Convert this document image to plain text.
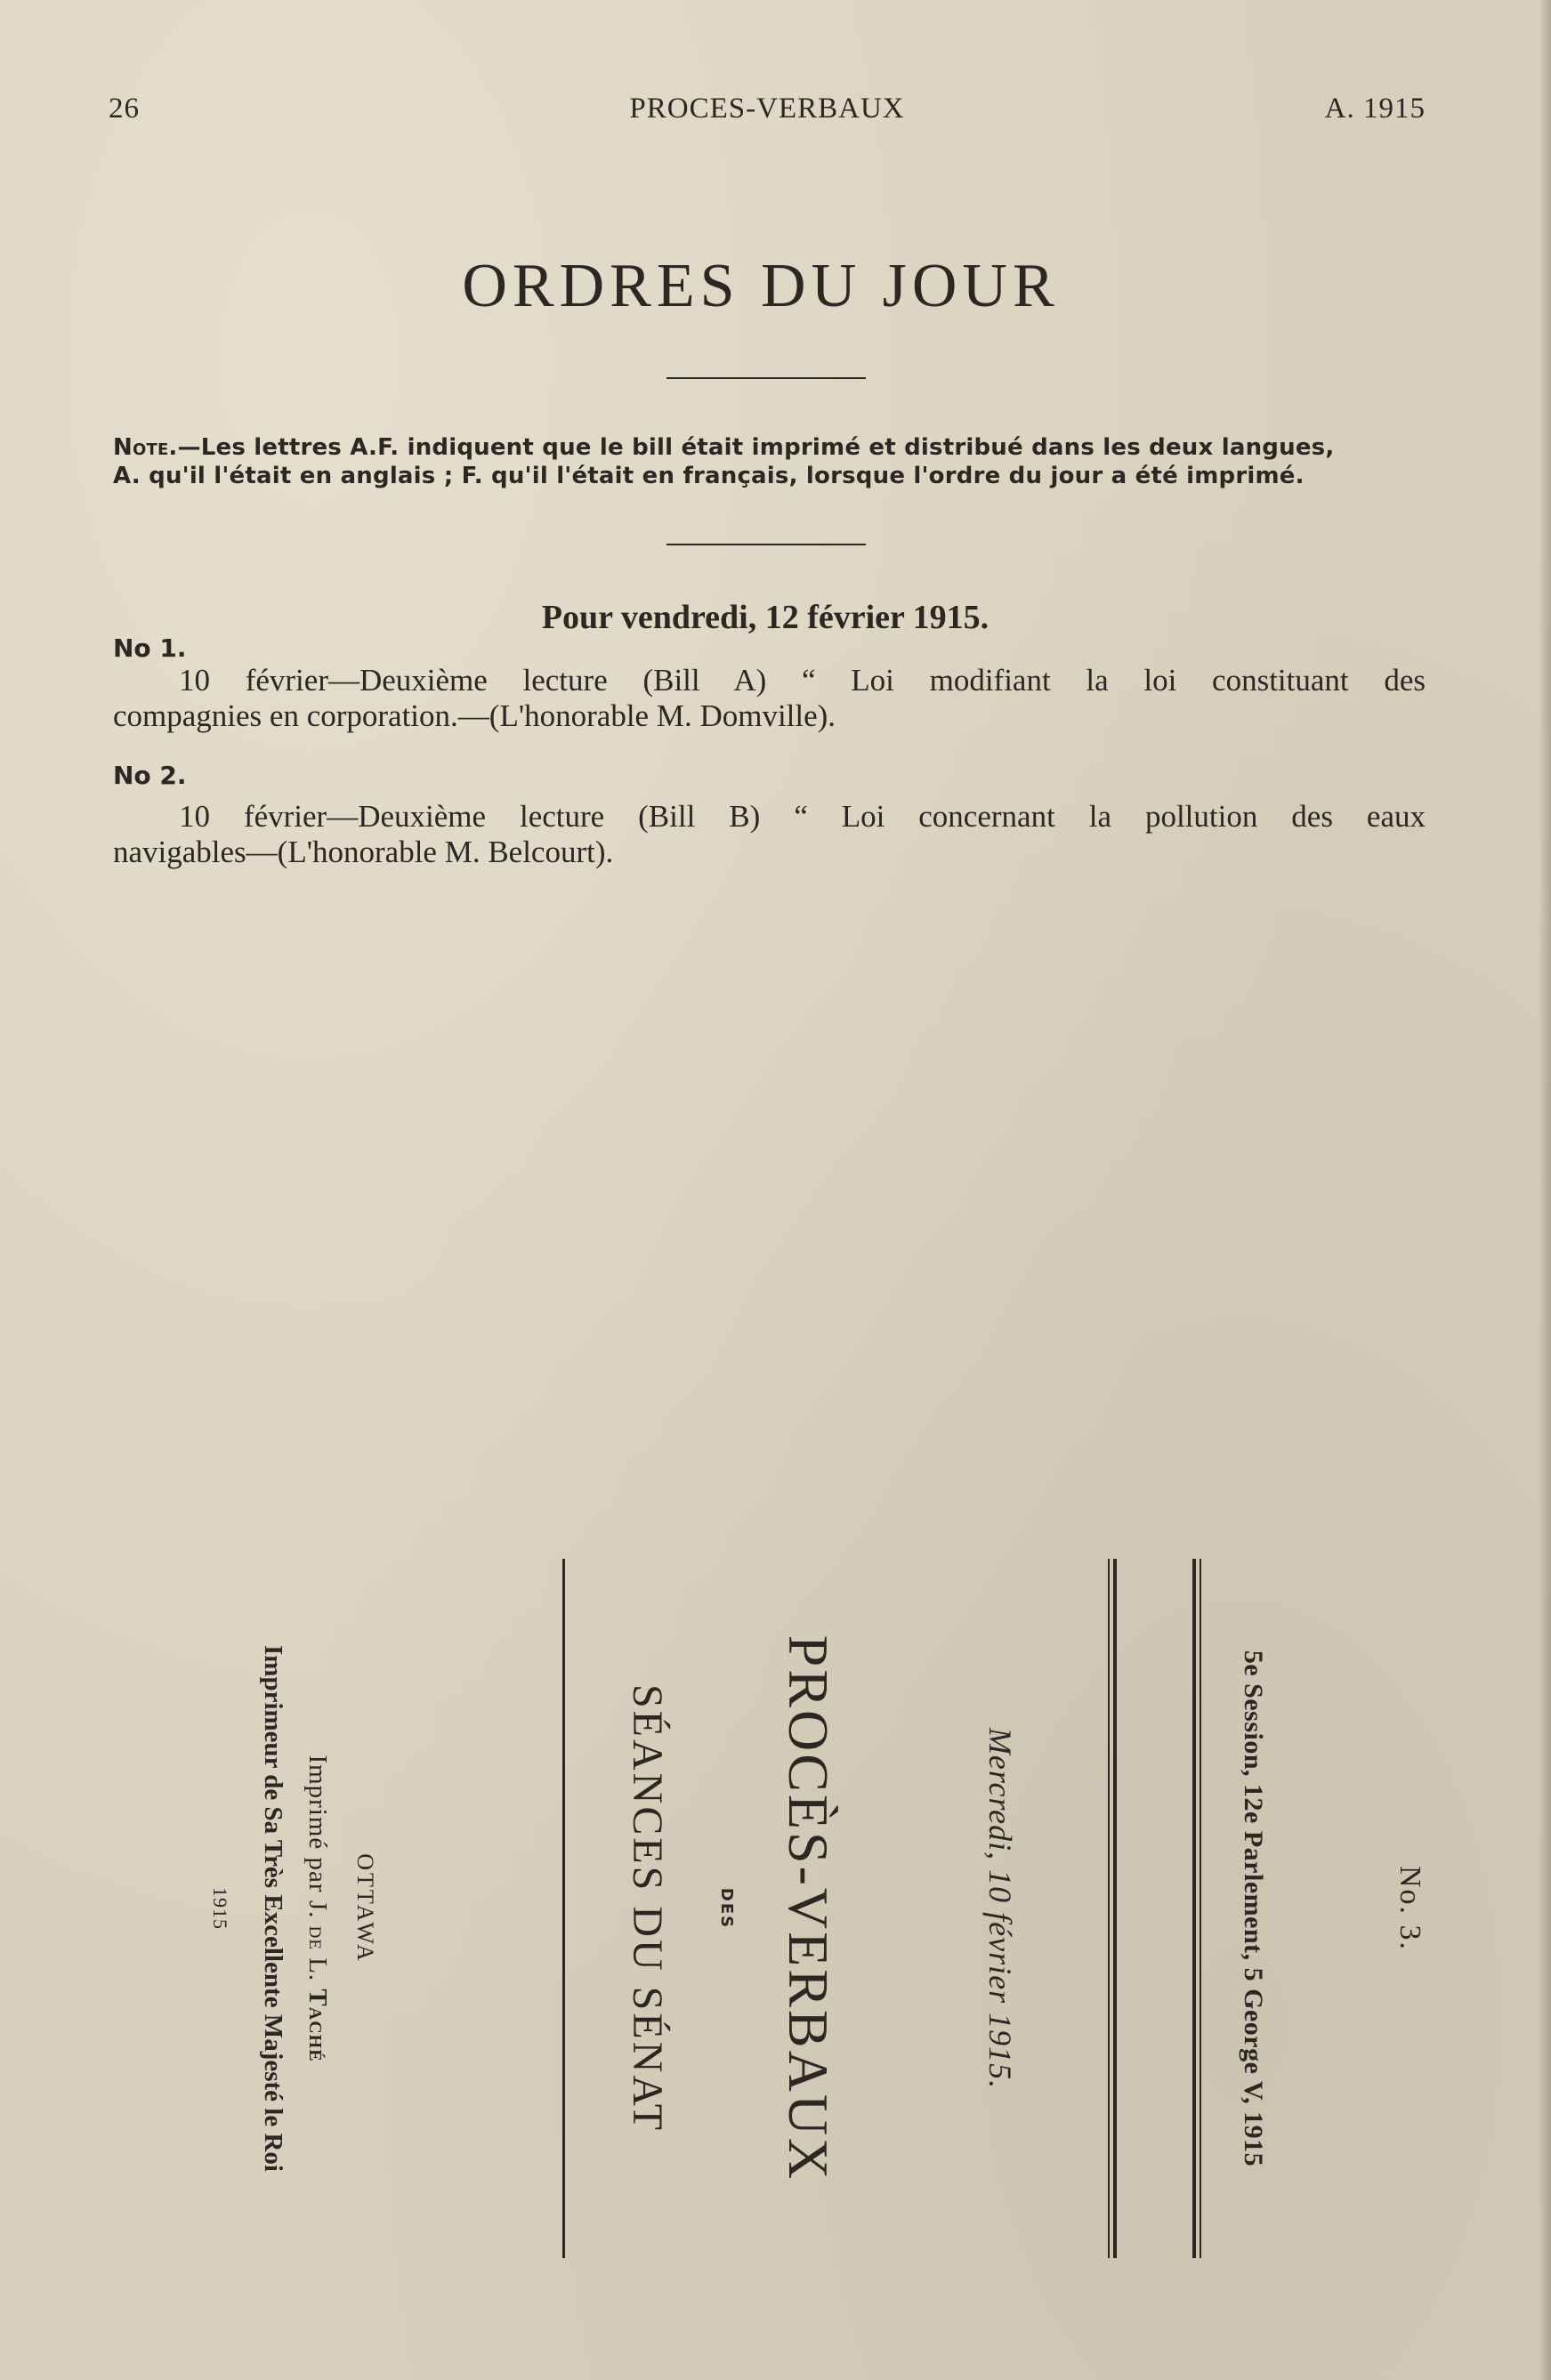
26	PROCES-VERBAUX	A. 1915
ORDRES DU JOUR
Note.—Les lettres A.F. indiquent que le bill était imprimé et distribué dans les deux langues,
A. qu'il l'était en anglais ; F. qu'il l'était en français, lorsque l'ordre du jour a été imprimé.
Pour vendredi, 12 février 1915.
No 1.
10 février—Deuxième lecture (Bill A) “ Loi modifiant la loi constituant des
compagnies en corporation.—(L'honorable M. Domville).
No 2.
10 février—Deuxième lecture (Bill B) “ Loi concernant la pollution des eaux
navigables—(L'honorable M. Belcourt).
No. 3.
5e Session, 12e Parlement, 5 George V, 1915
Mercredi, 10 février 1915.
PROCÈS-VERBAUX
DES
SÉANCES DU SÉNAT
OTTAWA
Imprimé par J. de L. Taché
Imprimeur de Sa Très Excellente Majesté le Roi
1915
